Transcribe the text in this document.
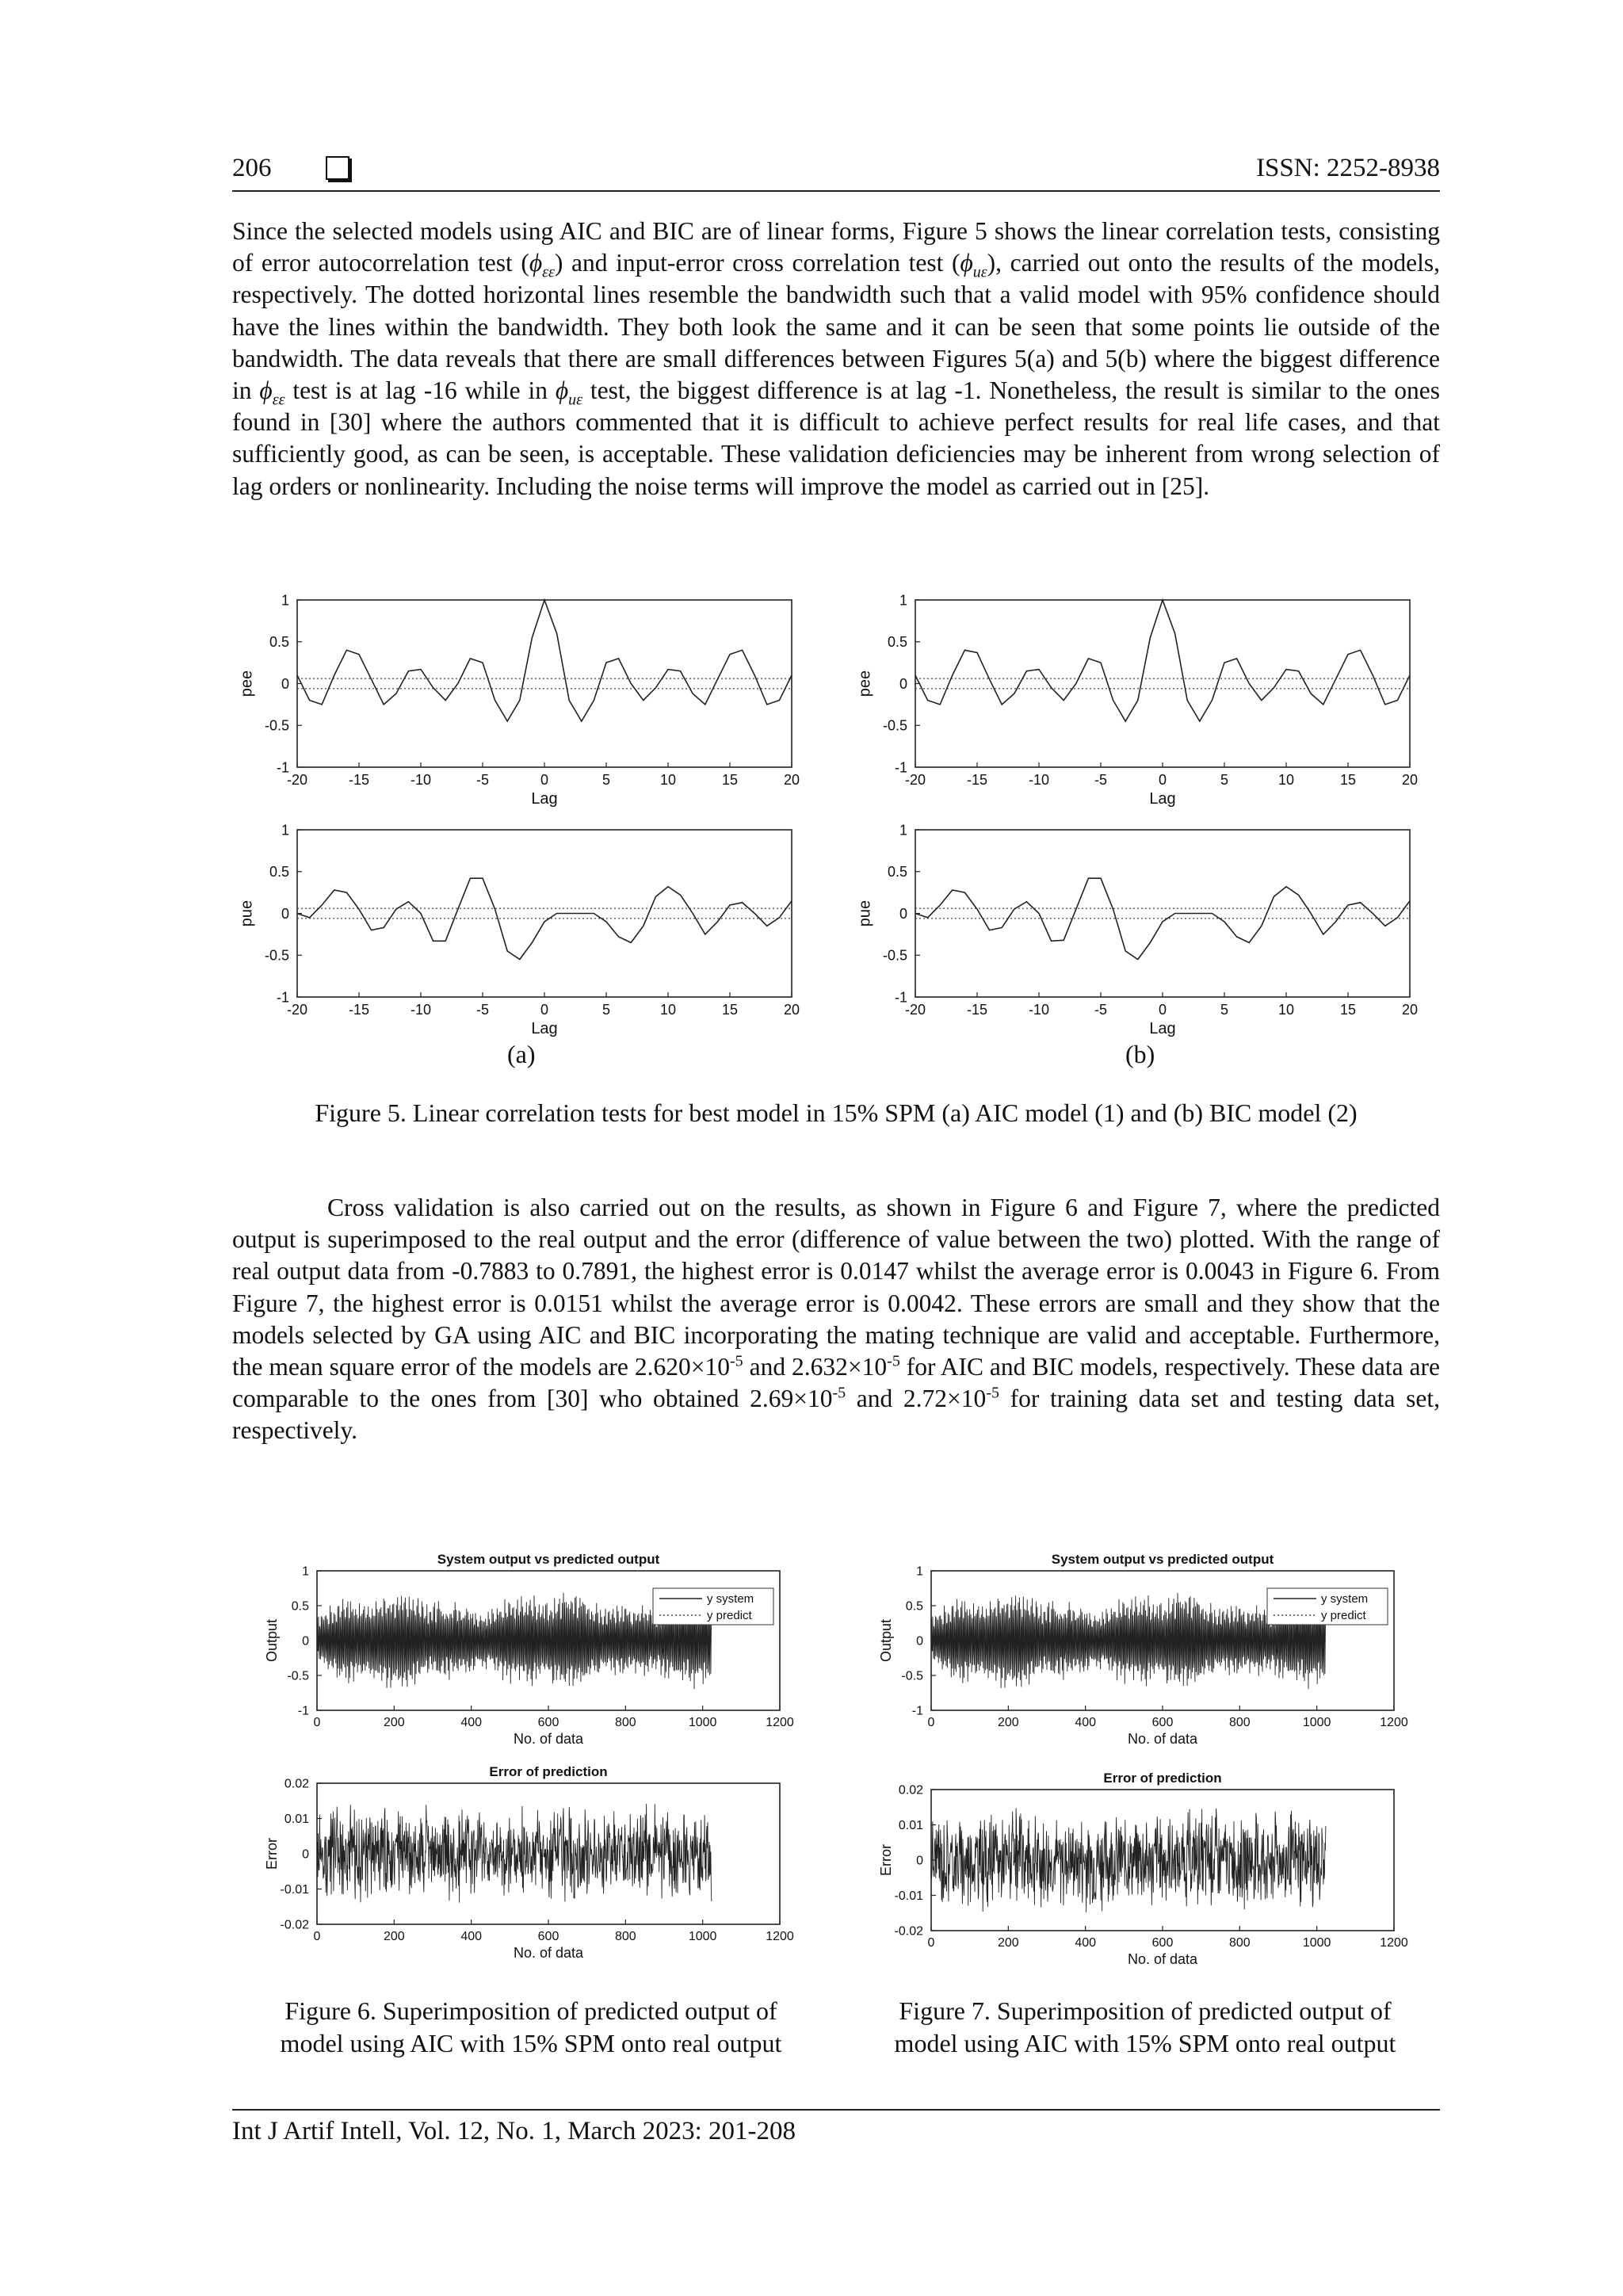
206	ISSN: 2252-8938

Since the selected models using AIC and BIC are of linear forms, Figure 5 shows the linear correlation tests, consisting of error autocorrelation test $(\phi_{\varepsilon\varepsilon})$ and input-error cross correlation test $(\phi_{u\varepsilon})$, carried out onto the results of the models, respectively. The dotted horizontal lines resemble the bandwidth such that a valid model with 95% confidence should have the lines within the bandwidth. They both look the same and it can be seen that some points lie outside of the bandwidth. The data reveals that there are small differences between Figures 5(a) and 5(b) where the biggest difference in $\phi_{\varepsilon\varepsilon}$ test is at lag -16 while in $\phi_{u\varepsilon}$ test, the biggest difference is at lag -1. Nonetheless, the result is similar to the ones found in [30] where the authors commented that it is difficult to achieve perfect results for real life cases, and that sufficiently good, as can be seen, is acceptable. These validation deficiencies may be inherent from wrong selection of lag orders or nonlinearity. Including the noise terms will improve the model as carried out in [25].

-20	-15	-10	-5	0	5	10	15	20
1
0.5
0
-0.5
-1
Lag
pee
-20	-15	-10	-5	0	5	10	15	20
1
0.5
0
-0.5
-1
Lag
pue
-20	-15	-10	-5	0	5	10	15	20
1
0.5
0
-0.5
-1
Lag
pee
-20	-15	-10	-5	0	5	10	15	20
1
0.5
0
-0.5
-1
Lag
pue
0	200	400	600	800	1000	1200
1
0.5
0
-0.5
-1
No. of data
Output
System output vs predicted output
y system
y predict
0	200	400	600	800	1000	1200
0.02
0.01
0
-0.01
-0.02
No. of data
Error
Error of prediction
0	200	400	600	800	1000	1200
1
0.5
0
-0.5
-1
No. of data
Output
System output vs predicted output
y system
y predict
0	200	400	600	800	1000	1200
0.02
0.01
0
-0.01
-0.02
No. of data
Error
Error of prediction
(a)	(b)
Figure 5. Linear correlation tests for best model in 15% SPM (a) AIC model (1) and (b) BIC model (2)

Cross validation is also carried out on the results, as shown in Figure 6 and Figure 7, where the predicted output is superimposed to the real output and the error (difference of value between the two) plotted. With the range of real output data from -0.7883 to 0.7891, the highest error is 0.0147 whilst the average error is 0.0043 in Figure 6. From Figure 7, the highest error is 0.0151 whilst the average error is 0.0042. These errors are small and they show that the models selected by GA using AIC and BIC incorporating the mating technique are valid and acceptable. Furthermore, the mean square error of the models are $2.620\times 10^{-5}$ and $2.632\times 10^{-5}$ for AIC and BIC models, respectively. These data are comparable to the ones from [30] who obtained $2.69\times 10^{-5}$ and $2.72\times 10^{-5}$ for training data set and testing data set, respectively.

Figure 6. Superimposition of predicted output of
model using AIC with 15% SPM onto real output
Figure 7. Superimposition of predicted output of
model using AIC with 15% SPM onto real output
Int J Artif Intell, Vol. 12, No. 1, March 2023: 201-208
